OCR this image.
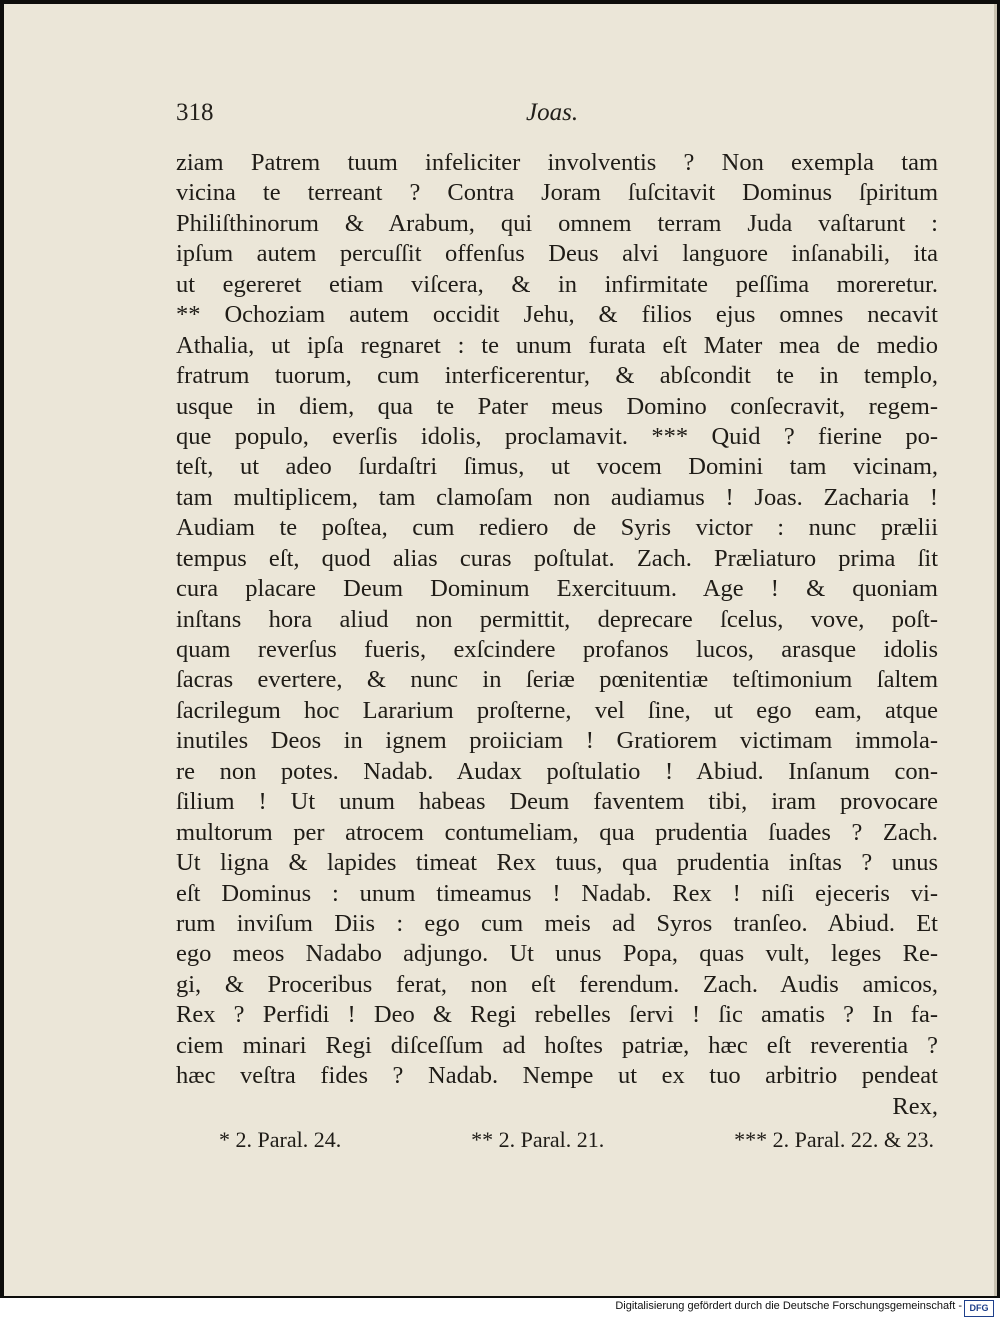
318	Joas.
ziam Patrem tuum infeliciter involventis ? Non exempla tam
vicina te terreant ? Contra Joram ſuſcitavit Dominus ſpiritum
Philiſthinorum & Arabum, qui omnem terram Juda vaſtarunt :
ipſum autem percuſſit offenſus Deus alvi languore inſanabili, ita
ut egereret etiam viſcera, & in infirmitate peſſima moreretur.
** Ochoziam autem occidit Jehu, & filios ejus omnes necavit
Athalia, ut ipſa regnaret : te unum furata eſt Mater mea de medio
fratrum tuorum, cum interficerentur, & abſcondit te in templo,
usque in diem, qua te Pater meus Domino conſecravit, regem-
que populo, everſis idolis, proclamavit. *** Quid ? fierine po-
teſt, ut adeo ſurdaſtri ſimus, ut vocem Domini tam vicinam,
tam multiplicem, tam clamoſam non audiamus ! Joas. Zacharia !
Audiam te poſtea, cum rediero de Syris victor : nunc prælii
tempus eſt, quod alias curas poſtulat. Zach. Præliaturo prima ſit
cura placare Deum Dominum Exercituum. Age ! & quoniam
inſtans hora aliud non permittit, deprecare ſcelus, vove, poſt-
quam reverſus fueris, exſcindere profanos lucos, arasque idolis
ſacras evertere, & nunc in ſeriæ pœnitentiæ teſtimonium ſaltem
ſacrilegum hoc Lararium proſterne, vel ſine, ut ego eam, atque
inutiles Deos in ignem proiiciam ! Gratiorem victimam immola-
re non potes. Nadab. Audax poſtulatio ! Abiud. Inſanum con-
ſilium ! Ut unum habeas Deum faventem tibi, iram provocare
multorum per atrocem contumeliam, qua prudentia ſuades ? Zach.
Ut ligna & lapides timeat Rex tuus, qua prudentia inſtas ? unus
eſt Dominus : unum timeamus ! Nadab. Rex ! niſi ejeceris vi-
rum inviſum Diis : ego cum meis ad Syros tranſeo. Abiud. Et
ego meos Nadabo adjungo. Ut unus Popa, quas vult, leges Re-
gi, & Proceribus ferat, non eſt ferendum. Zach. Audis amicos,
Rex ? Perfidi ! Deo & Regi rebelles ſervi ! ſic amatis ? In fa-
ciem minari Regi diſceſſum ad hoſtes patriæ, hæc eſt reverentia ?
hæc veſtra fides ? Nadab. Nempe ut ex tuo arbitrio pendeat
Rex,
* 2. Paral. 24.	** 2. Paral. 21.	*** 2. Paral. 22. & 23.
Digitalisierung gefördert durch die Deutsche Forschungsgemeinschaft - DFG
